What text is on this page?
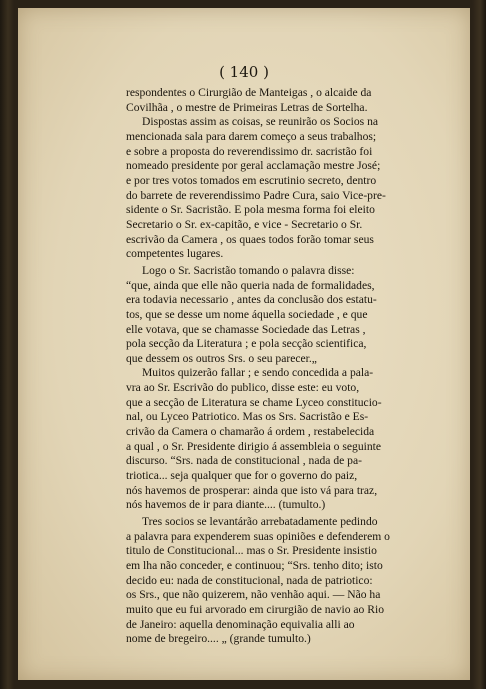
( 140 )
respondentes o Cirurgião de Manteigas , o alcaide da
Covilhãa , o mestre de Primeiras Letras de Sortelha.
Dispostas assim as coisas, se reunirão os Socios na
mencionada sala para darem começo a seus trabalhos;
e sobre a proposta do reverendissimo dr. sacristão foi
nomeado presidente por geral acclamação mestre José;
e por tres votos tomados em escrutinio secreto, dentro
do barrete de reverendissimo Padre Cura, saio Vice-pre-
sidente o Sr. Sacristão. E pola mesma forma foi eleito
Secretario o Sr. ex-capitão, e vice - Secretario o Sr.
escrivão da Camera , os quaes todos forão tomar seus
competentes lugares.
Logo o Sr. Sacristão tomando o palavra disse:
“que, ainda que elle não queria nada de formalidades,
era todavia necessario , antes da conclusão dos estatu-
tos, que se desse um nome áquella sociedade , e que
elle votava, que se chamasse Sociedade das Letras ,
pola secção da Literatura ; e pola secção scientifica,
que dessem os outros Srs. o seu parecer.„
Muitos quizerão fallar ; e sendo concedida a pala-
vra ao Sr. Escrivão do publico, disse este: eu voto,
que a secção de Literatura se chame Lyceo constitucio-
nal, ou Lyceo Patriotico. Mas os Srs. Sacristão e Es-
crivão da Camera o chamarão á ordem , restabelecida
a qual , o Sr. Presidente dirigio á assembleia o seguinte
discurso. “Srs. nada de constitucional , nada de pa-
triotica... seja qualquer que for o governo do paiz,
nós havemos de prosperar: ainda que isto vá para traz,
nós havemos de ir para diante.... (tumulto.)
Tres socios se levantárão arrebatadamente pedindo
a palavra para expenderem suas opiniões e defenderem o
titulo de Constitucional... mas o Sr. Presidente insistio
em lha não conceder, e continuou; “Srs. tenho dito; isto
decido eu: nada de constitucional, nada de patriotico:
os Srs., que não quizerem, não venhão aqui. — Não ha
muito que eu fui arvorado em cirurgião de navio ao Rio
de Janeiro: aquella denominação equivalia alli ao
nome de bregeiro.... „ (grande tumulto.)
